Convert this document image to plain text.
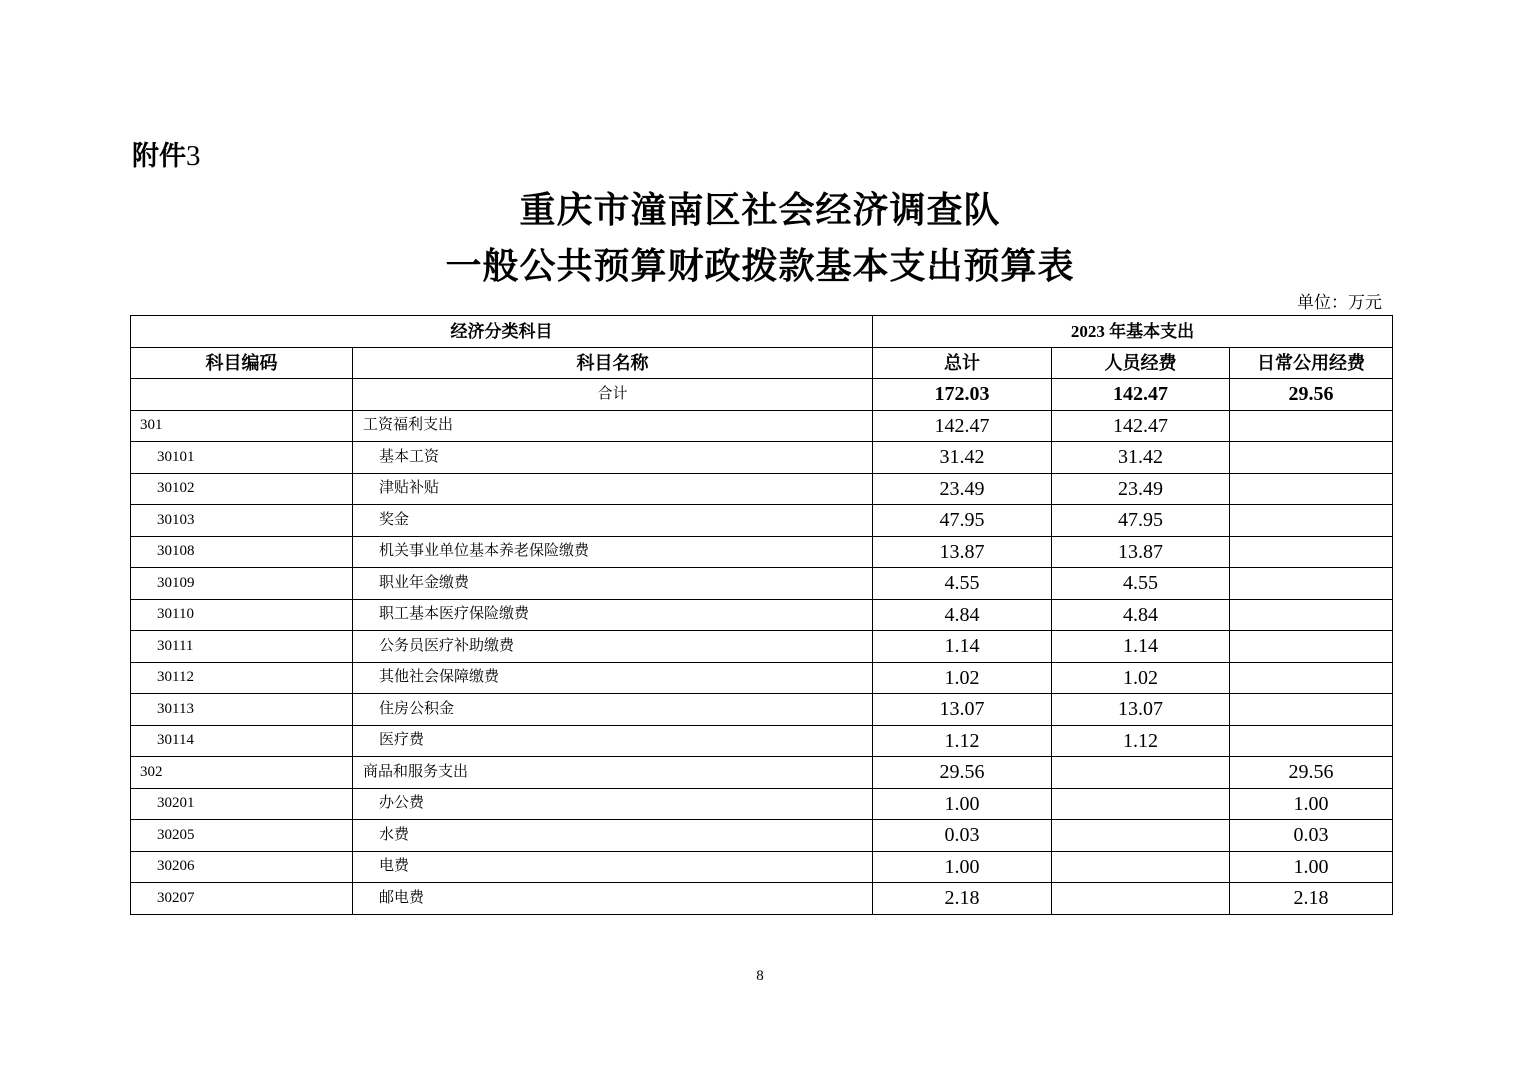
附件3
重庆市潼南区社会经济调查队
一般公共预算财政拨款基本支出预算表
单位：万元
经济分类科目		2023 年基本支出		
科目编码	科目名称	总计	人员经费	日常公用经费
	合计	172.03	142.47	29.56
301	工资福利支出	142.47	142.47	
30101	基本工资	31.42	31.42	
30102	津贴补贴	23.49	23.49	
30103	奖金	47.95	47.95	
30108	机关事业单位基本养老保险缴费	13.87	13.87	
30109	职业年金缴费	4.55	4.55	
30110	职工基本医疗保险缴费	4.84	4.84	
30111	公务员医疗补助缴费	1.14	1.14	
30112	其他社会保障缴费	1.02	1.02	
30113	住房公积金	13.07	13.07	
30114	医疗费	1.12	1.12	
302	商品和服务支出	29.56		29.56
30201	办公费	1.00		1.00
30205	水费	0.03		0.03
30206	电费	1.00		1.00
30207	邮电费	2.18		2.18
8
